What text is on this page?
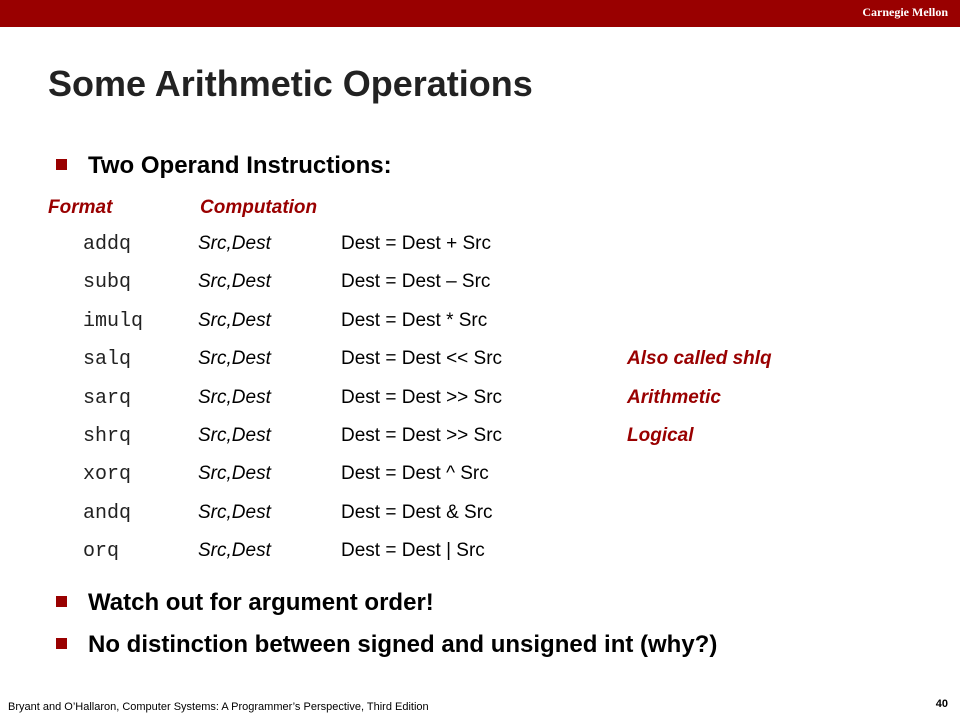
Carnegie Mellon
Some Arithmetic Operations
Two Operand Instructions:
Format	Computation
addq	Src,Dest	Dest = Dest + Src
subq	Src,Dest	Dest = Dest – Src
imulq	Src,Dest	Dest = Dest * Src
salq	Src,Dest	Dest = Dest << Src	Also called shlq
sarq	Src,Dest	Dest = Dest >> Src	Arithmetic
shrq	Src,Dest	Dest = Dest >> Src	Logical
xorq	Src,Dest	Dest = Dest ^ Src
andq	Src,Dest	Dest = Dest & Src
orq	Src,Dest	Dest = Dest | Src
Watch out for argument order!
No distinction between signed and unsigned int (why?)
Bryant and O’Hallaron, Computer Systems: A Programmer’s Perspective, Third Edition	40
